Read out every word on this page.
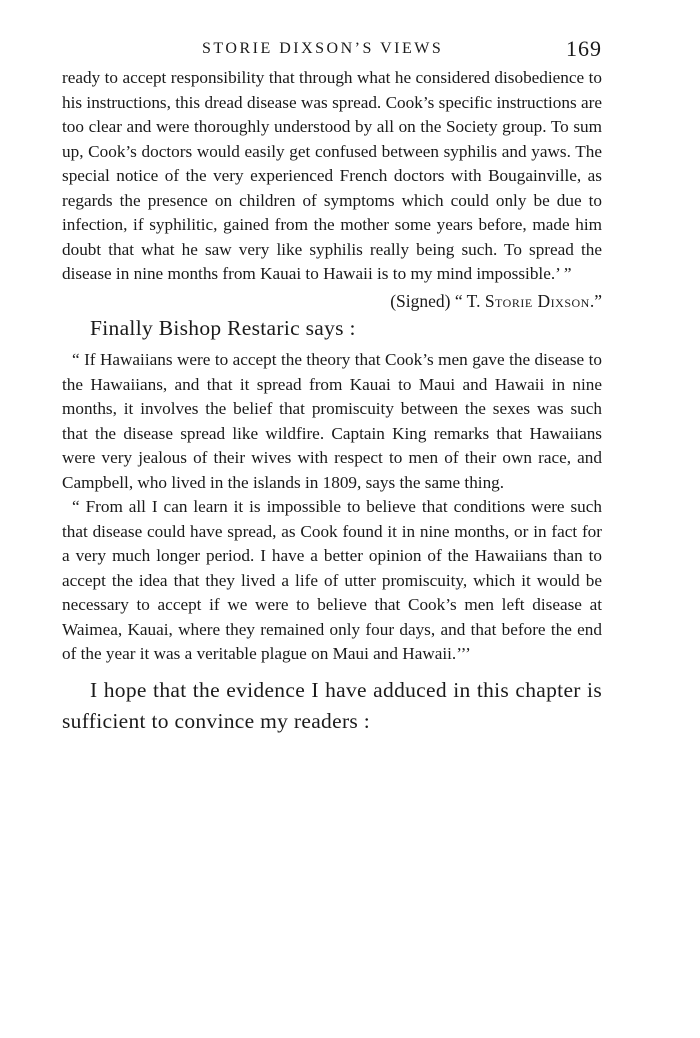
STORIE DIXSON’S VIEWS	169

ready to accept responsibility that through what he considered disobedience to his instructions, this dread disease was spread. Cook’s specific instructions are too clear and were thoroughly understood by all on the Society group. To sum up, Cook’s doctors would easily get confused between syphilis and yaws. The special notice of the very experienced French doctors with Bougainville, as regards the presence on children of symptoms which could only be due to infection, if syphilitic, gained from the mother some years before, made him doubt that what he saw very like syphilis really being such. To spread the disease in nine months from Kauai to Hawaii is to my mind impossible.’ ”

(Signed) “ T. Storie Dixson.”

Finally Bishop Restaric says :

“ If Hawaiians were to accept the theory that Cook’s men gave the disease to the Hawaiians, and that it spread from Kauai to Maui and Hawaii in nine months, it involves the belief that promiscuity between the sexes was such that the disease spread like wildfire. Captain King remarks that Hawaiians were very jealous of their wives with respect to men of their own race, and Campbell, who lived in the islands in 1809, says the same thing.

“ From all I can learn it is impossible to believe that conditions were such that disease could have spread, as Cook found it in nine months, or in fact for a very much longer period. I have a better opinion of the Hawaiians than to accept the idea that they lived a life of utter promiscuity, which it would be necessary to accept if we were to believe that Cook’s men left disease at Waimea, Kauai, where they remained only four days, and that before the end of the year it was a veritable plague on Maui and Hawaii.’’’

I hope that the evidence I have adduced in this chapter is sufficient to convince my readers :
